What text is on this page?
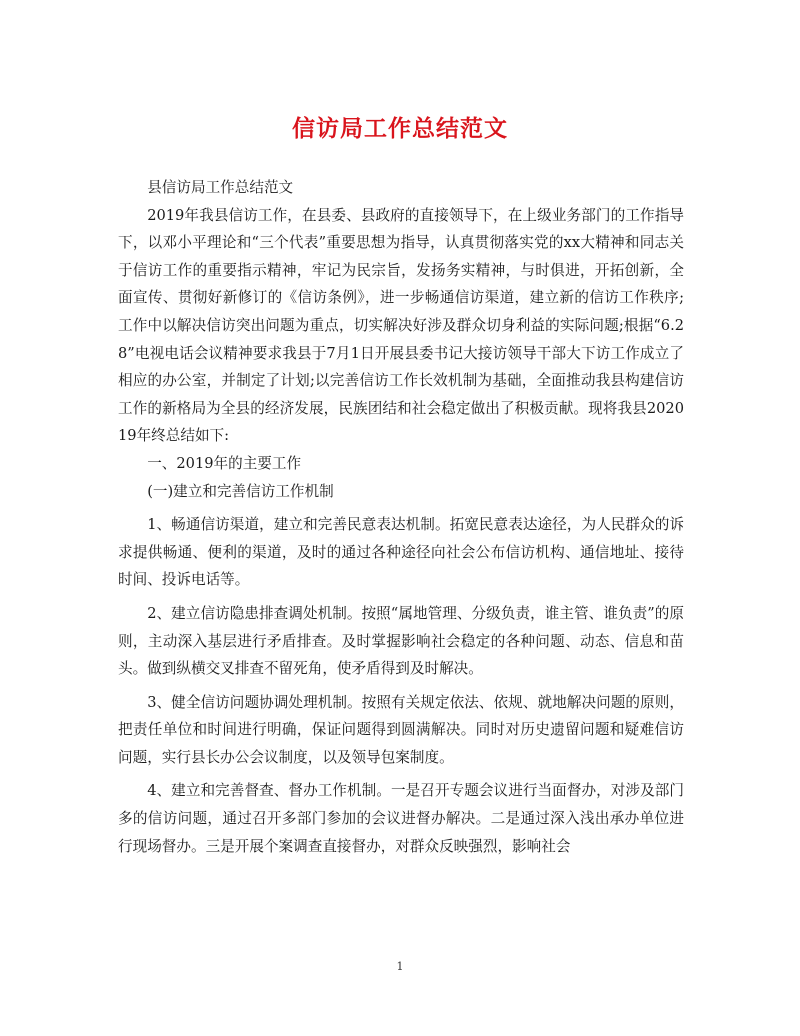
信访局工作总结范文

县信访局工作总结范文

2019年我县信访工作，在县委、县政府的直接领导下，在上级业务部门的工作指导下，以邓小平理论和“三个代表”重要思想为指导，认真贯彻落实党的xx大精神和同志关于信访工作的重要指示精神，牢记为民宗旨，发扬务实精神，与时俱进，开拓创新，全面宣传、贯彻好新修订的《信访条例》，进一步畅通信访渠道，建立新的信访工作秩序;工作中以解决信访突出问题为重点，切实解决好涉及群众切身利益的实际问题;根据“6.28”电视电话会议精神要求我县于7月1日开展县委书记大接访领导干部大下访工作成立了相应的办公室，并制定了计划;以完善信访工作长效机制为基础，全面推动我县构建信访工作的新格局为全县的经济发展，民族团结和社会稳定做出了积极贡献。现将我县202019年终总结如下:

一、2019年的主要工作

(一)建立和完善信访工作机制

1、畅通信访渠道，建立和完善民意表达机制。拓宽民意表达途径，为人民群众的诉求提供畅通、便利的渠道，及时的通过各种途径向社会公布信访机构、通信地址、接待时间、投诉电话等。

2、建立信访隐患排查调处机制。按照“属地管理、分级负责，谁主管、谁负责”的原则，主动深入基层进行矛盾排查。及时掌握影响社会稳定的各种问题、动态、信息和苗头。做到纵横交叉排查不留死角，使矛盾得到及时解决。

3、健全信访问题协调处理机制。按照有关规定依法、依规、就地解决问题的原则，把责任单位和时间进行明确，保证问题得到圆满解决。同时对历史遗留问题和疑难信访问题，实行县长办公会议制度，以及领导包案制度。

4、建立和完善督查、督办工作机制。一是召开专题会议进行当面督办，对涉及部门多的信访问题，通过召开多部门参加的会议进督办解决。二是通过深入浅出承办单位进行现场督办。三是开展个案调查直接督办，对群众反映强烈，影响社会

1
